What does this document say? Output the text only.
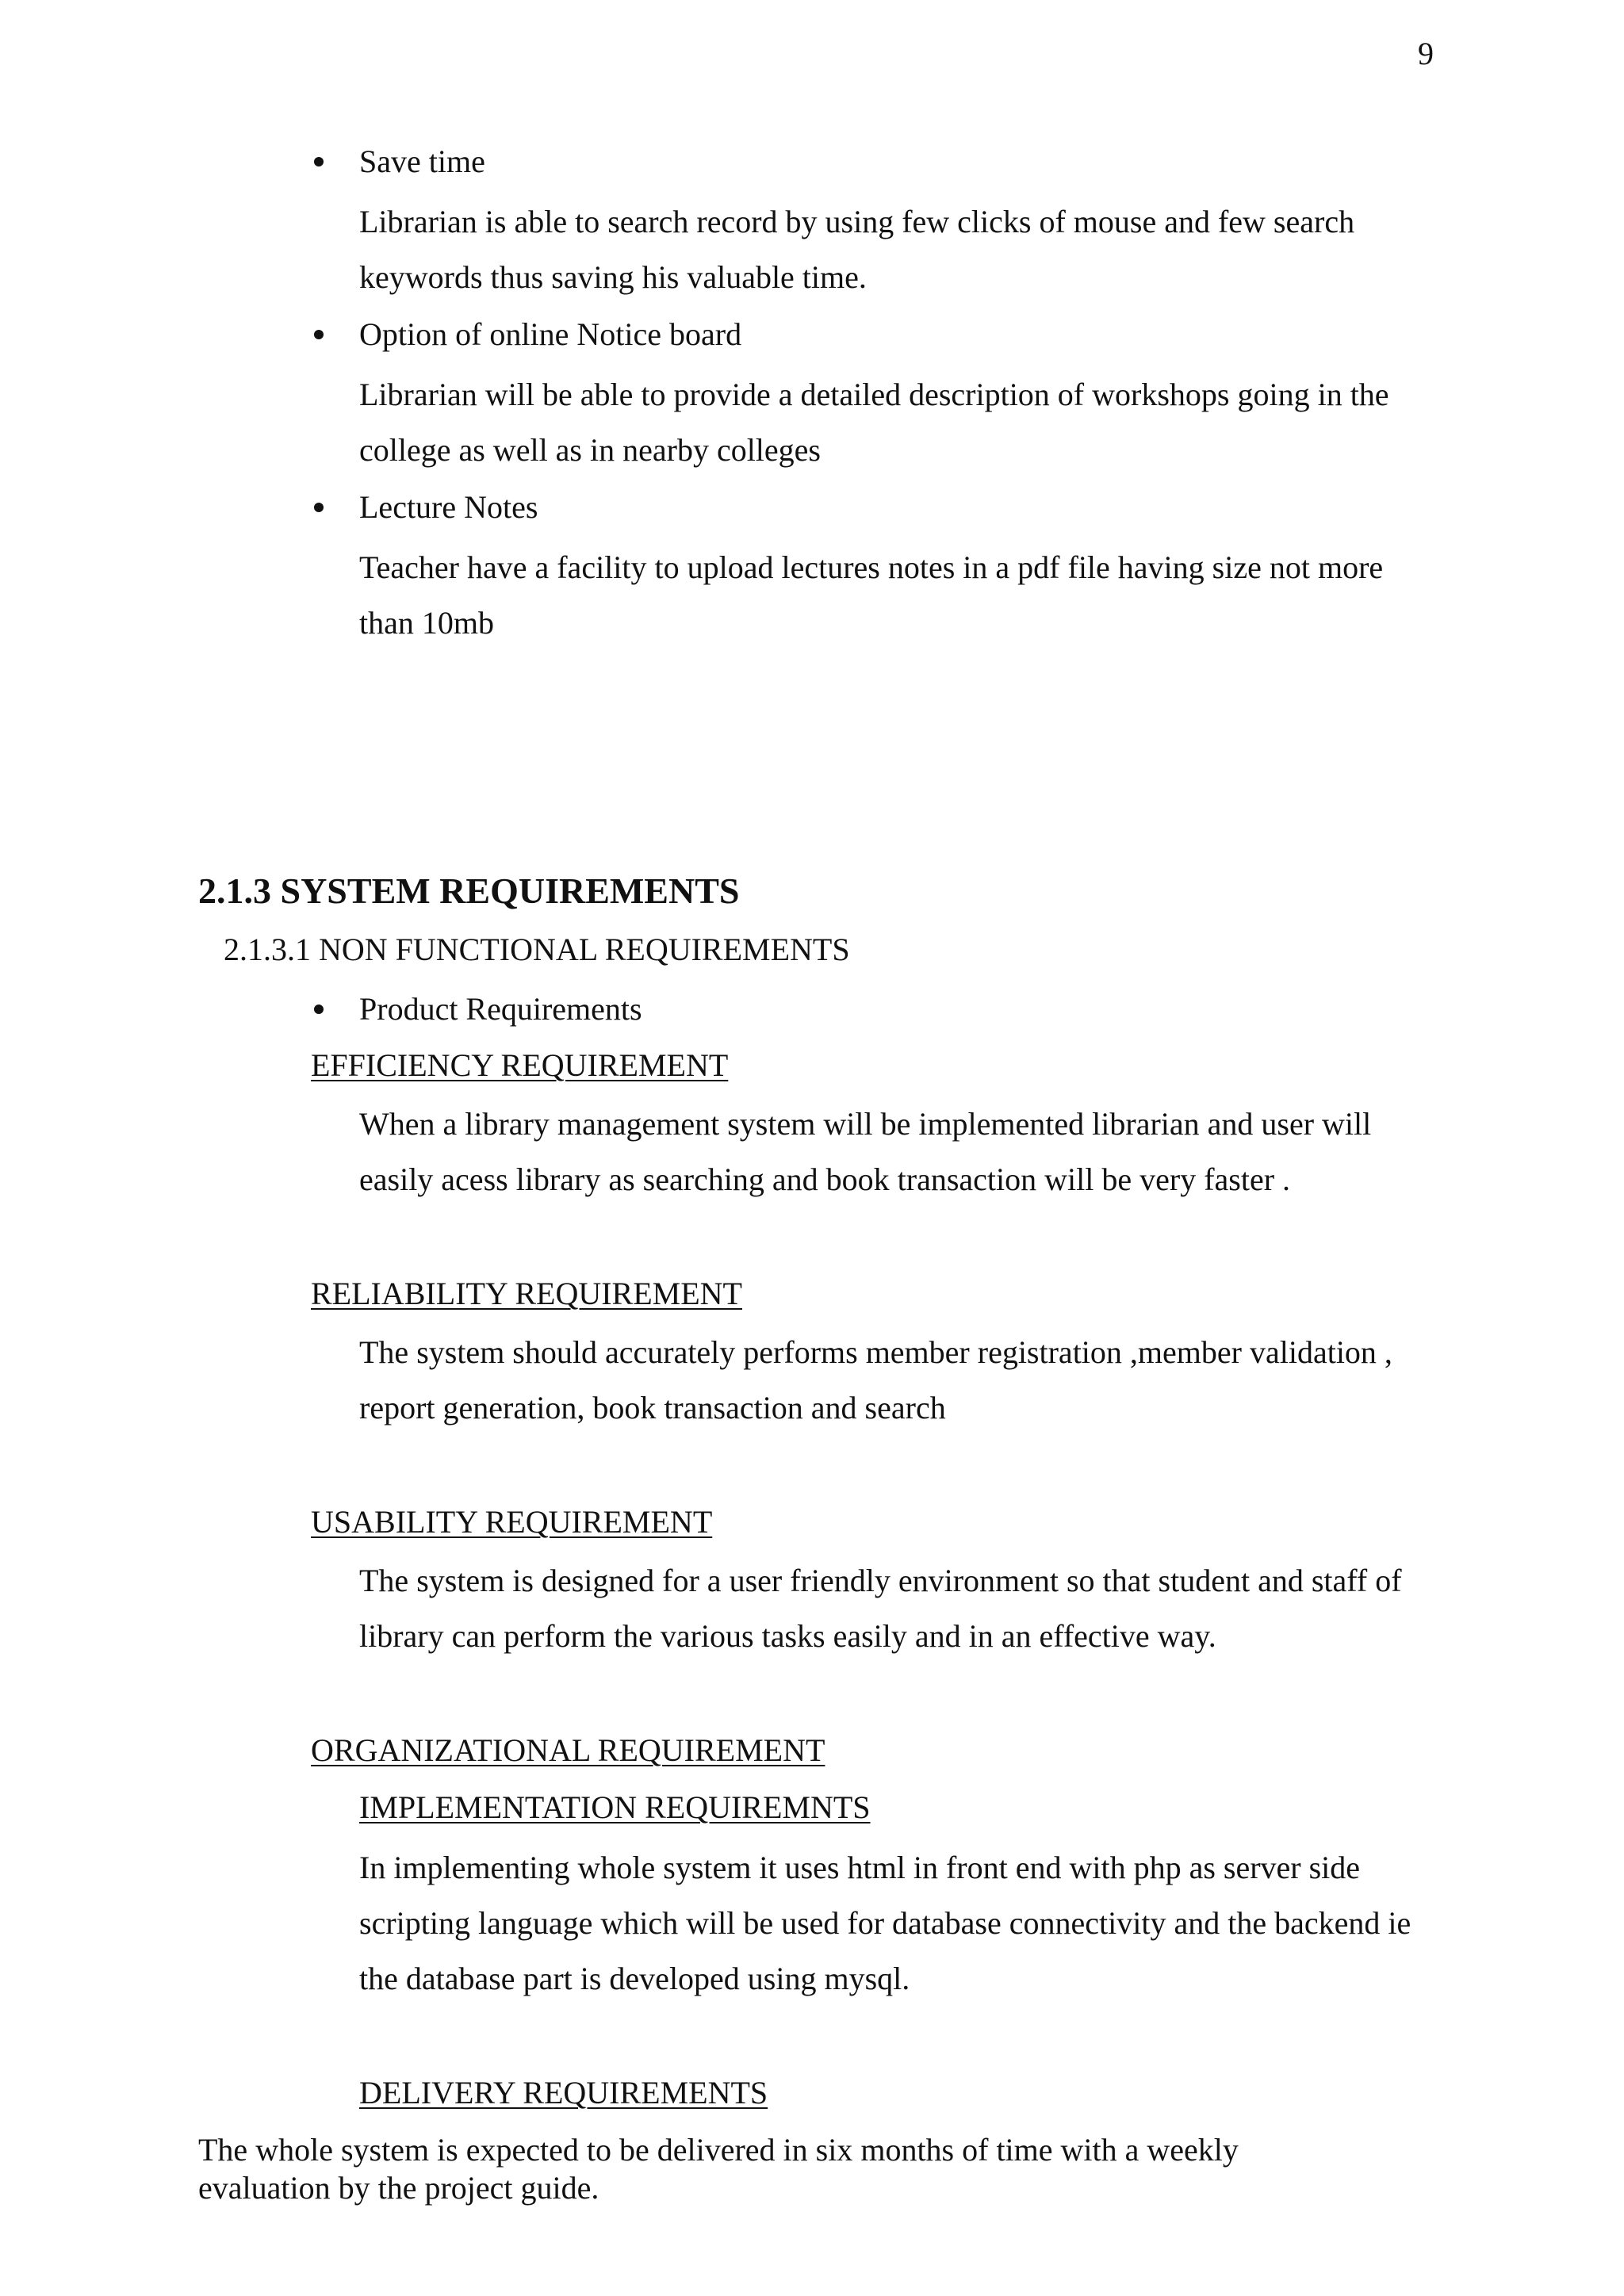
9
Save time
Librarian is able to search record by using few clicks of mouse and few search
keywords thus saving his valuable time.
Option of online Notice board
Librarian will be able to provide a detailed description of workshops going in the
college as well as in nearby colleges
Lecture Notes
Teacher have a facility to upload lectures notes in a pdf file having size not more
than 10mb
2.1.3 SYSTEM REQUIREMENTS
2.1.3.1 NON FUNCTIONAL REQUIREMENTS
Product Requirements
EFFICIENCY REQUIREMENT
When a library management system will be implemented librarian and user will
easily acess library as searching and book transaction will be very faster .
RELIABILITY REQUIREMENT
The system should accurately performs member registration ,member validation ,
report generation, book transaction and search
USABILITY REQUIREMENT
The system is designed for a user friendly environment so that student and staff of
library can perform the various tasks easily and in an effective way.
ORGANIZATIONAL REQUIREMENT
IMPLEMENTATION REQUIREMNTS
In implementing whole system it uses html in front end with php as server side
scripting language which will be used for database connectivity and the backend ie
the database part is developed using mysql.
DELIVERY REQUIREMENTS
The whole system is expected to be delivered in six months of time with a weekly
evaluation by the project guide.
